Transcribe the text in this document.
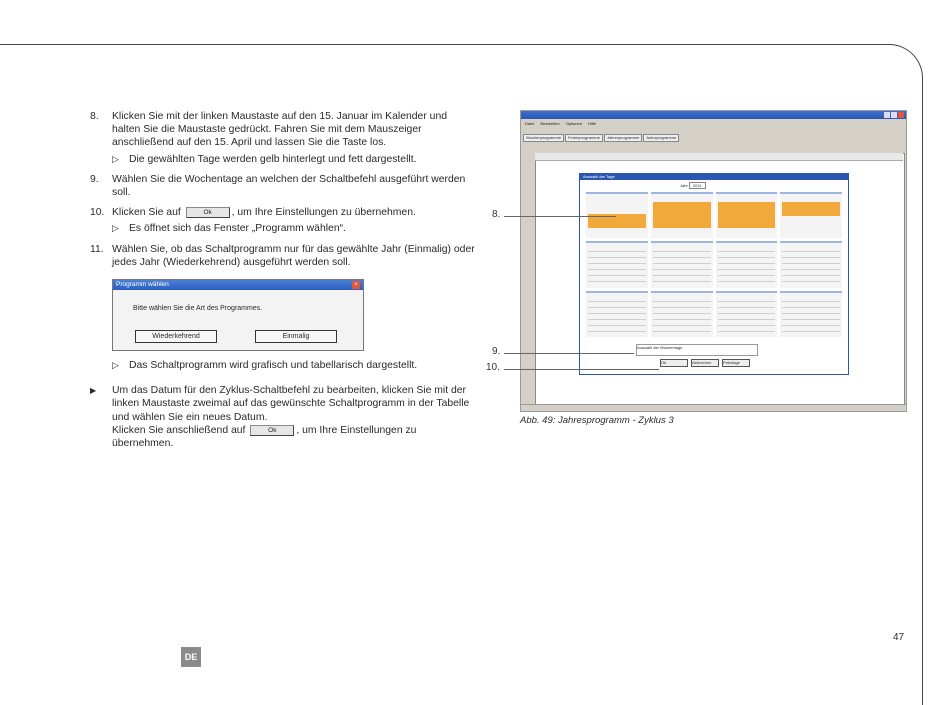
8. Klicken Sie mit der linken Maustaste auf den 15. Januar im Kalender und halten Sie die Maustaste gedrückt. Fahren Sie mit dem Mauszeiger anschließend auf den 15. April und lassen Sie die Taste los.
▷ Die gewählten Tage werden gelb hinterlegt und fett dargestellt.
9. Wählen Sie die Wochentage an welchen der Schaltbefehl ausgeführt werden soll.
10. Klicken Sie auf	Ok , um Ihre Einstellungen zu übernehmen.
▷ Es öffnet sich das Fenster „Programm wählen“.
11. Wählen Sie, ob das Schaltprogramm nur für das gewählte Jahr (Einmalig) oder jedes Jahr (Wiederkehrend) ausgeführt werden soll.
Programm wählen	×
Bitte wählen Sie die Art des Programmes.
Wiederkehrend	Einmalig
▷ Das Schaltprogramm wird grafisch und tabellarisch dargestellt.
▶ Um das Datum für den Zyklus-Schaltbefehl zu bearbeiten, klicken Sie mit der linken Maustaste zweimal auf das gewünschte Schaltprogramm in der Tabelle und wählen Sie ein neues Datum.
Klicken Sie anschließend auf	Ok , um Ihre Einstellungen zu übernehmen.
Datei Bearbeiten Optionen Hilfe
Wochenprogramme	Ferienprogramme	Jahresprogramme	Astroprogramme
Auswahl der Tage
Jahr 2011
Auswahl der Wochentage
Ok	Abbrechen	Feiertage
8.
9.
10.
Abb. 49: Jahresprogramm - Zyklus 3
47
DE
